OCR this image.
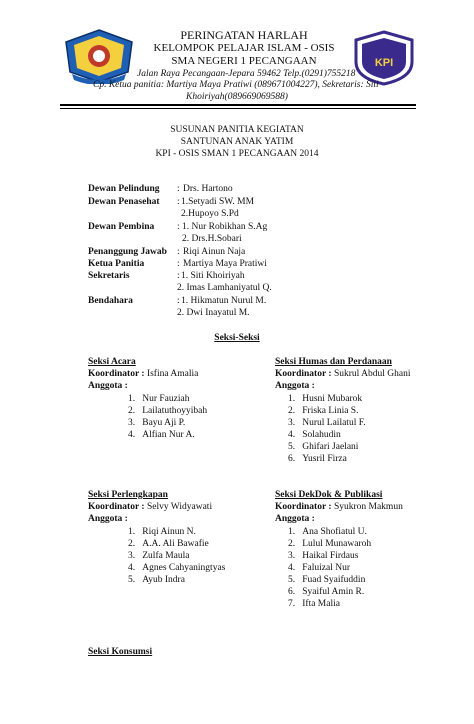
KPI
PERINGATAN HARLAH
KELOMPOK PELAJAR ISLAM - OSIS
SMA NEGERI 1 PECANGAAN
Jalan Raya Pecangaan-Jepara 59462 Telp.(0291)755218
Cp. Ketua panitia: Martiya Maya Pratiwi (089671004227), Sekretaris: Siti
Khoiriyah(089669069588)
SUSUNAN PANITIA KEGIATAN
SANTUNAN ANAK YATIM
KPI - OSIS SMAN 1 PECANGAAN 2014
Dewan Pelindung : Drs. Hartono
Dewan Penasehat : 1.Setyadi SW. MM
2.Hupoyo S.Pd
Dewan Pembina : 1. Nur Robikhan S.Ag
2. Drs.H.Sobari
Penanggung Jawab : Riqi Ainun Naja
Ketua Panitia	: Martiya Maya Pratiwi
Sekretaris	: 1. Siti Khoiriyah
2. Imas Lamhaniyatul Q.
Bendahara	: 1. Hikmatun Nurul M.
2. Dwi Inayatul M.
Seksi-Seksi
Seksi Acara
Koordinator : Isfina Amalia
Anggota :
1.   Nur Fauziah
2.   Lailatuthoyyibah
3.   Bayu Aji P.
4.   Alfian Nur A.
Seksi Humas dan Perdanaan
Koordinator : Sukrul Abdul Ghani
Anggota :
1.   Husni Mubarok
2.   Friska Linia S.
3.   Nurul Lailatul F.
4.   Solahudin
5.   Ghifari Jaelani
6.   Yusril Firza
Seksi Perlengkapan
Koordinator : Selvy Widyawati
Anggota :
1.   Riqi Ainun N.
2.   A.A. Ali Bawafie
3.   Zulfa Maula
4.   Agnes Cahyaningtyas
5.   Ayub Indra
Seksi DekDok & Publikasi
Koordinator : Syukron Makmun
Anggota :
1.   Ana Shofiatul U.
2.   Lulul Munawaroh
3.   Haikal Firdaus
4.   Faluizal Nur
5.   Fuad Syaifuddin
6.   Syaiful Amin R.
7.   Ifta Malia
Seksi Konsumsi
